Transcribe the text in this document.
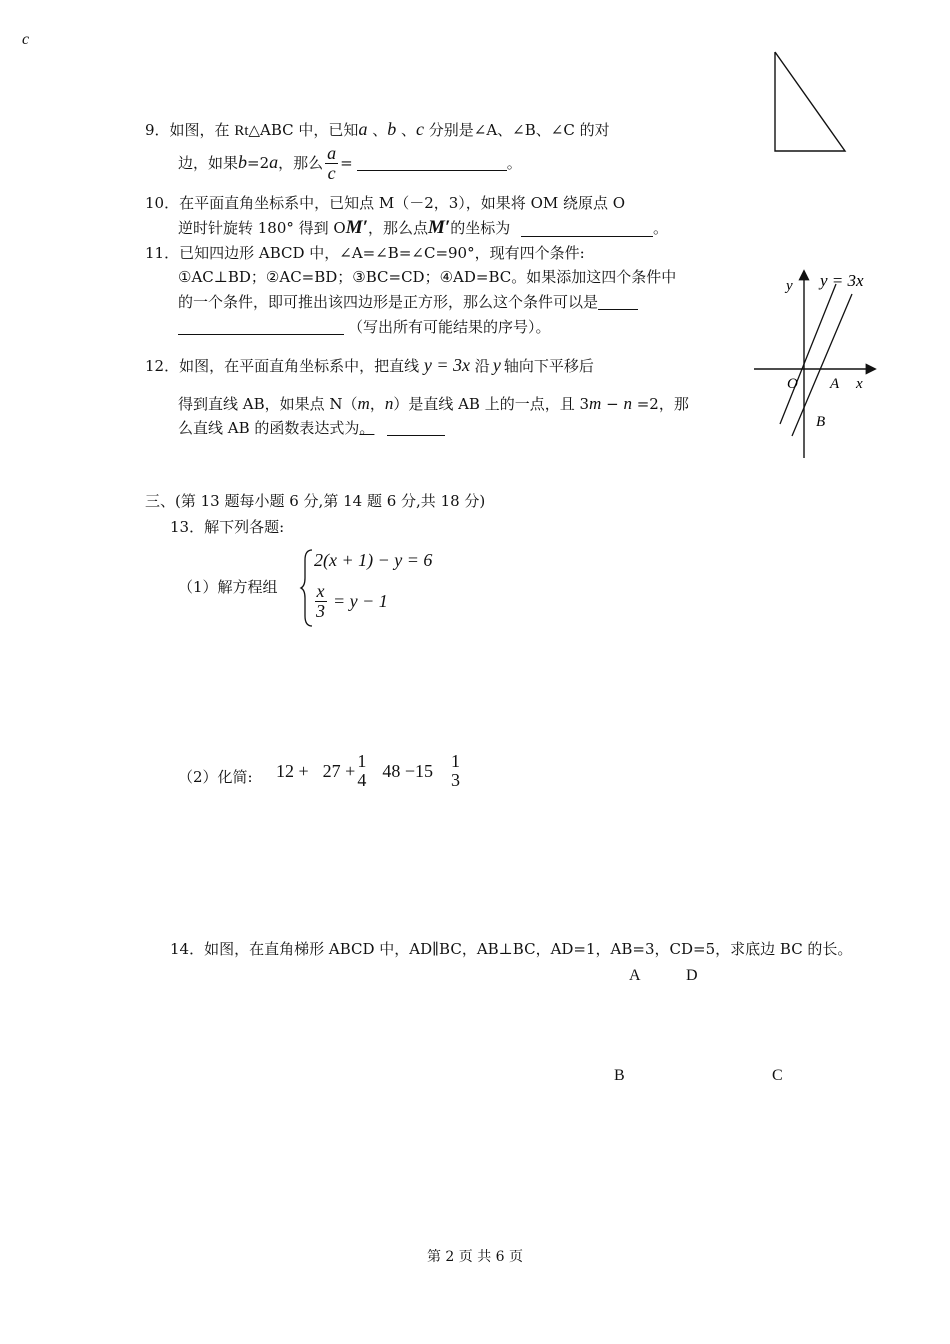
c
9．如图，在 Rt△ABC 中，已知a 、b 、c 分别是∠A、∠B、∠C 的对
边，如果 b =2 a ，那么 $\frac{a}{c}$ =	。
10．在平面直角坐标系中，已知点 M（－2，3），如果将 OM 绕原点 O
逆时针旋转 180° 得到 OM′，那么点M′的坐标为	。
11．已知四边形 ABCD 中，∠A=∠B=∠C=90°，现有四个条件:
①AC⊥BD；②AC=BD；③BC=CD；④AD=BC。如果添加这四个条件中
的一个条件，即可推出该四边形是正方形，那么这个条件可以是
（写出所有可能结果的序号）。
12．如图，在平面直角坐标系中，把直线 y = 3x 沿 y 轴向下平移后
得到直线 AB，如果点 N（m，n）是直线 AB 上的一点，且 3m − n =2，那
么直线 AB 的函数表达式为。
y y = 3x
O A x
B
三、(第 13 题每小题 6 分,第 14 题 6 分,共 18 分)
13．解下列各题:
（1）解方程组
2(x + 1) − y = 6
$\frac{x}{3} = y - 1$
（2）化简: 12 + 27 + 1
4 48 −15 1
3
14．如图，在直角梯形 ABCD 中，AD∥BC，AB⊥BC，AD=1，AB=3，CD=5，求底边 BC 的长。
A	D
B	C
第 2 页 共 6 页
